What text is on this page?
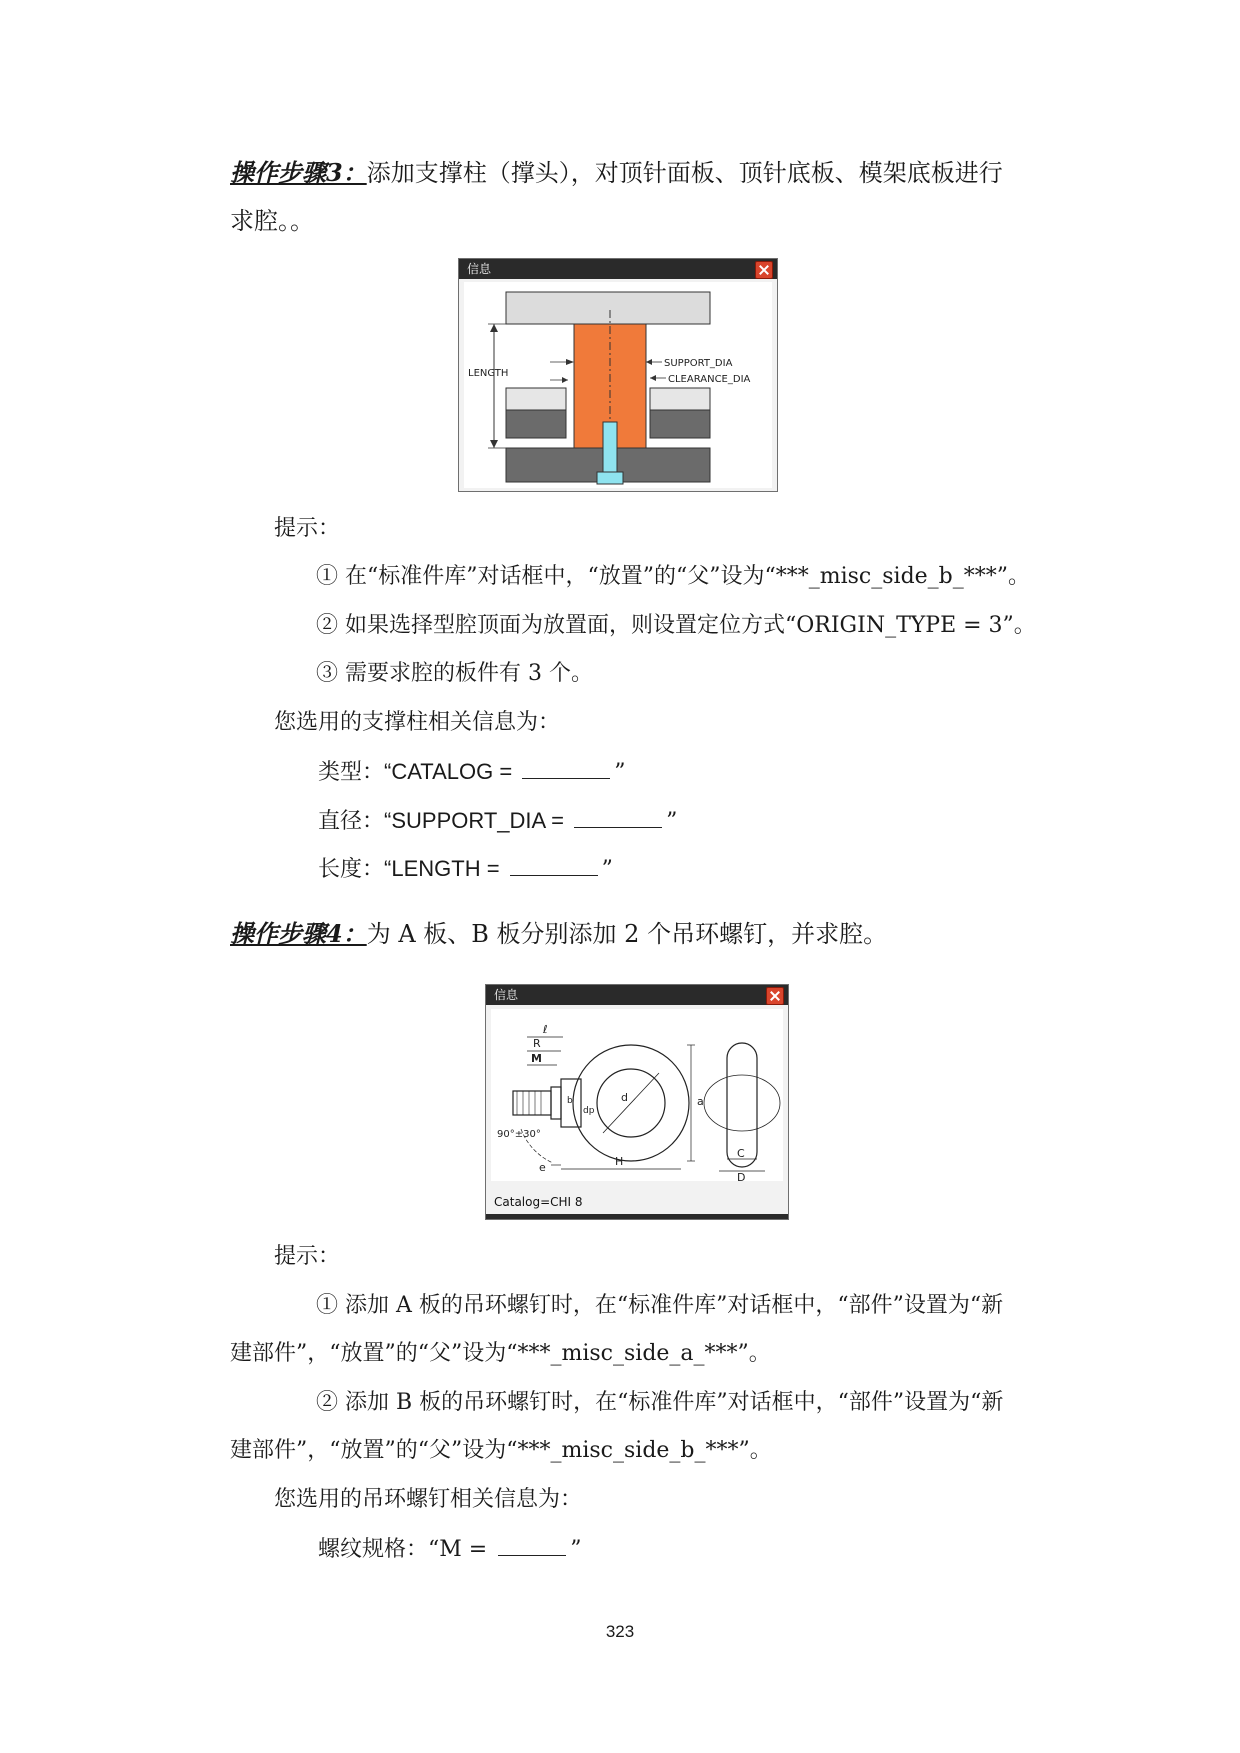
操作步骤3：添加支撑柱（撑头），对顶针面板、顶针底板、模架底板进行
求腔。。
信息
LENGTH
SUPPORT_DIA
CLEARANCE_DIA
提示：
① 在“标准件库”对话框中，“放置”的“父”设为“***_misc_side_b_***”。
② 如果选择型腔顶面为放置面，则设置定位方式“ORIGIN_TYPE = 3”。
③ 需要求腔的板件有 3 个。
您选用的支撑柱相关信息为：
类型：“CATALOG =	”
直径：“SUPPORT_DIA =	”
长度：“LENGTH =	”
操作步骤4：为 A 板、B 板分别添加 2 个吊环螺钉，并求腔。
信息
ℓ
R
M
d
b
dp
a
90°±30°
e	H
C
D
Catalog=CHI 8
提示：
① 添加 A 板的吊环螺钉时，在“标准件库”对话框中，“部件”设置为“新
建部件”，“放置”的“父”设为“***_misc_side_a_***”。
② 添加 B 板的吊环螺钉时，在“标准件库”对话框中，“部件”设置为“新
建部件”，“放置”的“父”设为“***_misc_side_b_***”。
您选用的吊环螺钉相关信息为：
螺纹规格：“M =	”
323
